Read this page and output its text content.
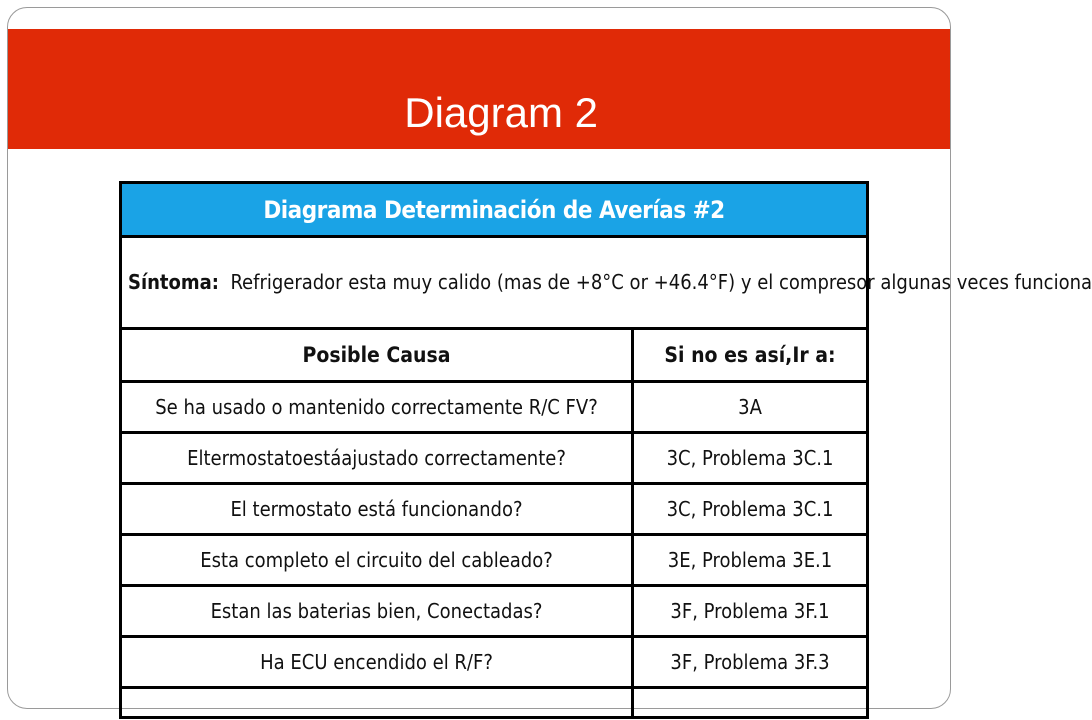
Diagram 2
Diagrama Determinación de Averías #2	
Síntoma: Refrigerador esta muy calido (mas de +8°C or +46.4°F) y el compresor algunas veces funciona	
Posible Causa	Si no es así,Ir a:
Se ha usado o mantenido correctamente R/C FV?	3A
Eltermostatoestáajustado correctamente?	3C, Problema 3C.1
El termostato está funcionando?	3C, Problema 3C.1
Esta completo el circuito del cableado?	3E, Problema 3E.1
Estan las baterias bien, Conectadas?	3F, Problema 3F.1
Ha ECU encendido el R/F?	3F, Problema 3F.3
